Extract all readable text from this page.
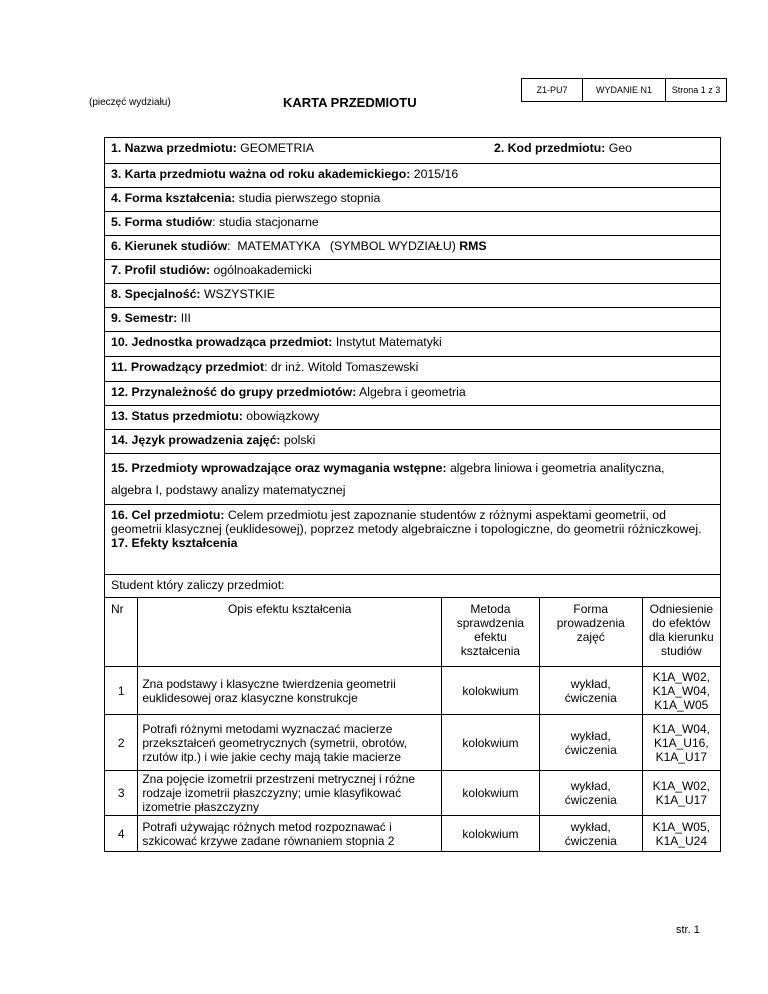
Z1-PU7	WYDANIE N1	Strona 1 z 3
(pieczęć wydziału)	KARTA PRZEDMIOTU
1. Nazwa przedmiotu: GEOMETRIA	2. Kod przedmiotu: Geo
3. Karta przedmiotu ważna od roku akademickiego: 2015/16
4. Forma kształcenia: studia pierwszego stopnia
5. Forma studiów: studia stacjonarne
6. Kierunek studiów:  MATEMATYKA   (SYMBOL WYDZIAŁU) RMS
7. Profil studiów: ogólnoakademicki
8. Specjalność: WSZYSTKIE
9. Semestr: III
10. Jednostka prowadząca przedmiot: Instytut Matematyki
11. Prowadzący przedmiot: dr inż. Witold Tomaszewski
12. Przynależność do grupy przedmiotów: Algebra i geometria
13. Status przedmiotu: obowiązkowy
14. Język prowadzenia zajęć: polski
15. Przedmioty wprowadzające oraz wymagania wstępne: algebra liniowa i geometria analityczna,
algebra I, podstawy analizy matematycznej
16. Cel przedmiotu: Celem przedmiotu jest zapoznanie studentów z różnymi aspektami geometrii, od geometrii klasycznej (euklidesowej), poprzez metody algebraiczne i topologiczne, do geometrii różniczkowej.
17. Efekty kształcenia
Student który zaliczy przedmiot:
Nr	Opis efektu kształcenia	Metoda sprawdzenia efektu kształcenia	Forma prowadzenia zajęć	Odniesienie do efektów dla kierunku studiów
1	Zna podstawy i klasyczne twierdzenia geometrii euklidesowej oraz klasyczne konstrukcje	kolokwium	wykład, ćwiczenia	K1A_W02, K1A_W04, K1A_W05
2	Potrafi różnymi metodami wyznaczać macierze przekształceń geometrycznych (symetrii, obrotów, rzutów itp.) i wie jakie cechy mają takie macierze	kolokwium	wykład, ćwiczenia	K1A_W04, K1A_U16, K1A_U17
3	Zna pojęcie izometrii przestrzeni metrycznej i różne rodzaje izometrii płaszczyzny; umie klasyfikować izometrie płaszczyzny	kolokwium	wykład, ćwiczenia	K1A_W02, K1A_U17
4	Potrafi używając różnych metod rozpoznawać i szkicować krzywe zadane równaniem stopnia 2	kolokwium	wykład, ćwiczenia	K1A_W05, K1A_U24
str. 1
